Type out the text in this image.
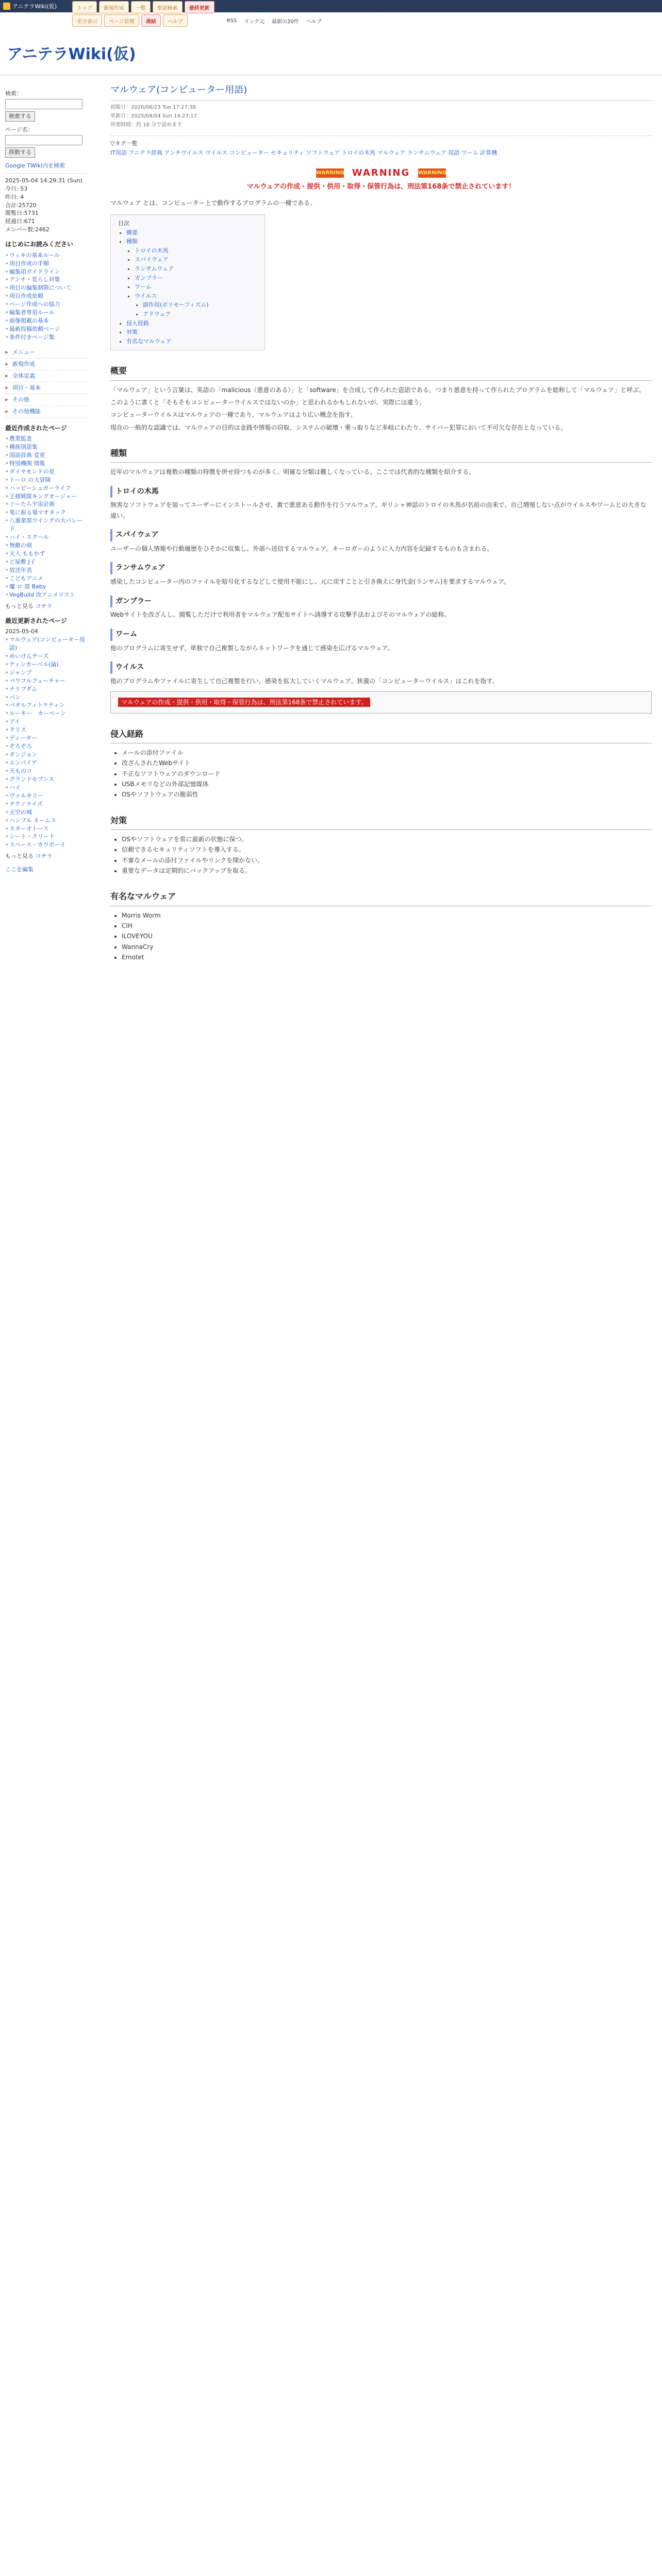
アニテラWiki(仮)	トップ	新規作成	一覧	単語検索	最終更新
差分表示	ページ管理	凍結	ヘルプ
新規作成	編集する	バックアップ	差分	凍結	名前変更	ファイル
RSS	リンク元	最新の20件	ヘルプ
アニテラWiki(仮)
検索：
検索する
ページ名：
移動する
Google TWiki内を検索
2025-05-04 14:29:31 (Sun)
今日: 53
昨日: 4
合計:25720
閲覧日:5731
経過日:671
メンバー数:2462
はじめにお読みください
• ウィキの基本ルール
• 項目作成の手順
• 編集用ガイドライン
• アンチ・荒らし対策
• 項目の編集制限について
• 項目作成依頼
• ページ作成への協力
• 編集者専用ルール
• 画像掲載の基本
• 最新投稿依頼ページ
• 条件付きページ集
▶ メニュー
▶ 新規作成
▶ 全体定義
▶ 項目・基本
▶ その他
▶ その他機能
最近作成されたページ
• 農業監査
• 種族別語集
• 国語辞典 変更
• 特別機関 情報
• ダイヤモンドの星
• トーロ の大冒険
• ハッピーシュガーライフ
• 王様戦隊キングオージャー
• ぐーたら宇宙計画
• 鬼に振る竜マオタック
• 八重楽部ウイングの大パレード
• ハイ・スクール
• 無敵の剣
• 天人 ももかず
• ど屋敷 J子
• 放送年表
• こどもアニメ
• 魔 ロ 部 Baby
• VegBuild 改アニメリスト
もっと見る コチラ
最近更新されたページ
2025-05-04
• マルウェア(コンピューター用語)
• めいけんチーズ
• ティンカーベル(論)
• ジャンプ
• パワフルフューチャー
• ナリブダム
• パン
• パオルフィトケティン
• ルーキー　カーペーン
• アイ
• クリス
• ディーター
• ぞろぞろ
• ダンジョン
• エンパイア
• 天ものコ
• グランドセブンス
• ハイ
• ヴァルキリー
• テクノライズ
• 天空の城
• ハンブル ネームス
• スターオトース
• シート・クリード
• スペース・カウボーイ
もっと見る コチラ
ここを編集
マルウェア(コンピューター用語)
初版日：2020/06/23 Tue 17:27:38
更新日：2025/04/04 Sun 14:27:17
所要時間：約 18 分で読めます
▽タグ一覧
IT用語 アニテラ辞典 アンチウイルス ウイルス コンピューター セキュリティ ソフトウェア トロイの木馬 マルウェア ランサムウェア 用語 ワーム 計算機
WARNING WARNING WARNING
マルウェアの作成・提供・供用・取得・保管行為は、刑法第168条で禁止されています！

マルウェア とは、コンピューター上で動作するプログラムの一種である。

目次
• 概要
• 種類
• トロイの木馬
• スパイウェア
• ランサムウェア
• ガンプラー
• ワーム
• ウイルス
• 副作用(ポリモーフィズム)
• アドウェア
• 侵入経路
• 対策
• 有名なマルウェア
概要

「マルウェア」という言葉は、英語の「malicious（悪意のある）」と「software」を合成して作られた造語である。つまり悪意を持って作られたプログラムを総称して「マルウェア」と呼ぶ。

このように書くと「そもそもコンピューターウイルスではないのか」と思われるかもしれないが、実際には違う。

コンピューターウイルスはマルウェアの一種であり、マルウェアはより広い概念を指す。

現在の一般的な認識では、マルウェアの目的は金銭や情報の窃取、システムの破壊・乗っ取りなど多岐にわたり、サイバー犯罪において不可欠な存在となっている。

種類

近年のマルウェアは複数の種類の特徴を併せ持つものが多く、明確な分類は難しくなっている。ここでは代表的な種類を紹介する。

トロイの木馬

無害なソフトウェアを装ってユーザーにインストールさせ、裏で悪意ある動作を行うマルウェア。ギリシャ神話のトロイの木馬が名前の由来で、自己増殖しない点がウイルスやワームとの大きな違い。

スパイウェア

ユーザーの個人情報や行動履歴をひそかに収集し、外部へ送信するマルウェア。キーロガーのように入力内容を記録するものも含まれる。

ランサムウェア

感染したコンピューター内のファイルを暗号化するなどして使用不能にし、元に戻すことと引き換えに身代金(ランサム)を要求するマルウェア。

ガンプラー

Webサイトを改ざんし、閲覧しただけで利用者をマルウェア配布サイトへ誘導する攻撃手法およびそのマルウェアの総称。

ワーム

他のプログラムに寄生せず、単独で自己複製しながらネットワークを通じて感染を広げるマルウェア。

ウイルス

他のプログラムやファイルに寄生して自己複製を行い、感染を拡大していくマルウェア。狭義の「コンピューターウイルス」はこれを指す。

マルウェアの作成・提供・供用・取得・保管行為は、刑法第168条で禁止されています。
侵入経路
• メールの添付ファイル
• 改ざんされたWebサイト
• 不正なソフトウェアのダウンロード
• USBメモリなどの外部記憶媒体
• OSやソフトウェアの脆弱性
対策
• OSやソフトウェアを常に最新の状態に保つ。
• 信頼できるセキュリティソフトを導入する。
• 不審なメールの添付ファイルやリンクを開かない。
• 重要なデータは定期的にバックアップを取る。
有名なマルウェア
• Morris Worm
• CIH
• ILOVEYOU
• WannaCry
• Emotet
